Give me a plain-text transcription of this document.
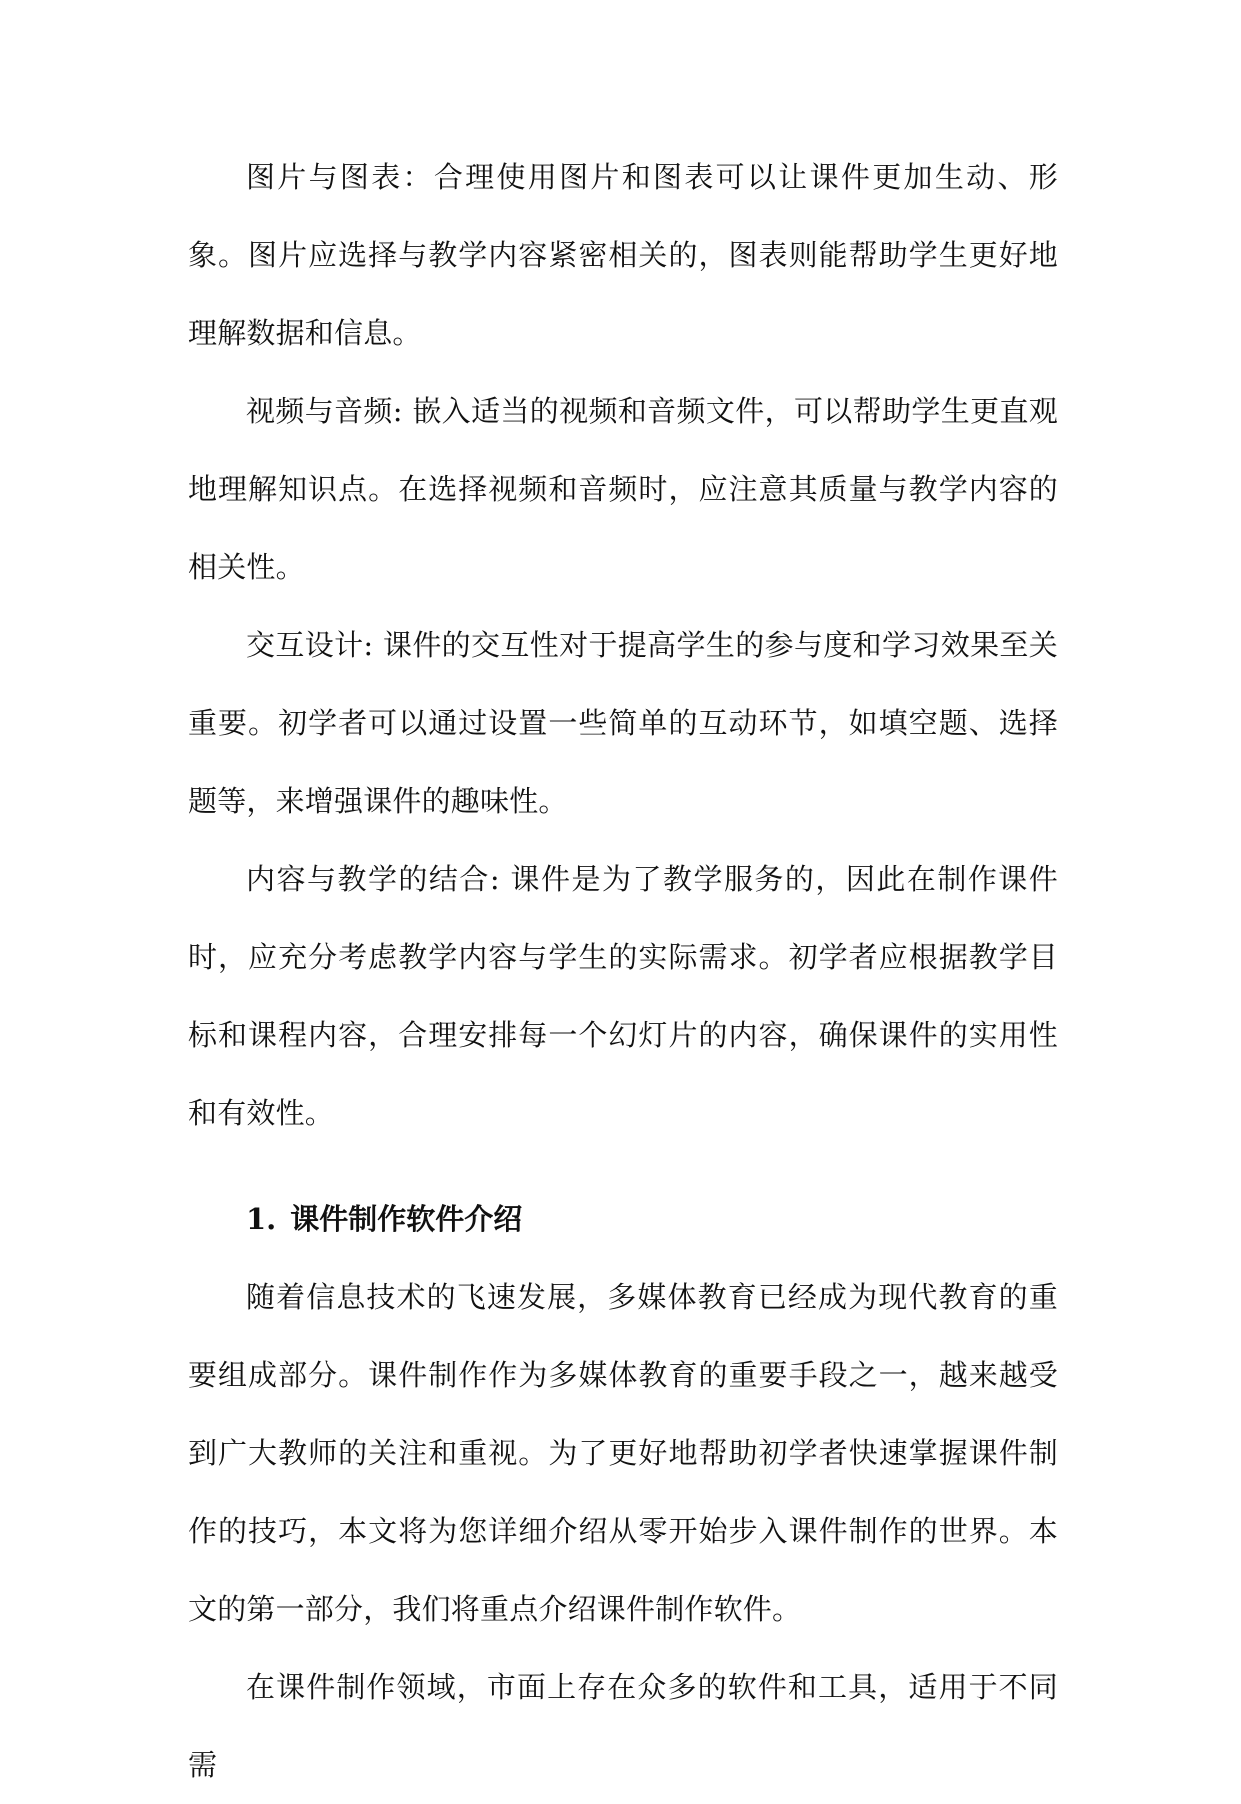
图片与图表：合理使用图片和图表可以让课件更加生动、形象。图片应选择与教学内容紧密相关的，图表则能帮助学生更好地理解数据和信息。

视频与音频: 嵌入适当的视频和音频文件，可以帮助学生更直观地理解知识点。在选择视频和音频时，应注意其质量与教学内容的相关性。

交互设计: 课件的交互性对于提高学生的参与度和学习效果至关重要。初学者可以通过设置一些简单的互动环节，如填空题、选择题等，来增强课件的趣味性。

内容与教学的结合: 课件是为了教学服务的，因此在制作课件时，应充分考虑教学内容与学生的实际需求。初学者应根据教学目标和课程内容，合理安排每一个幻灯片的内容，确保课件的实用性和有效性。

1. 课件制作软件介绍

随着信息技术的飞速发展，多媒体教育已经成为现代教育的重要组成部分。课件制作作为多媒体教育的重要手段之一，越来越受到广大教师的关注和重视。为了更好地帮助初学者快速掌握课件制作的技巧，本文将为您详细介绍从零开始步入课件制作的世界。本文的第一部分，我们将重点介绍课件制作软件。

在课件制作领域，市面上存在众多的软件和工具，适用于不同需
